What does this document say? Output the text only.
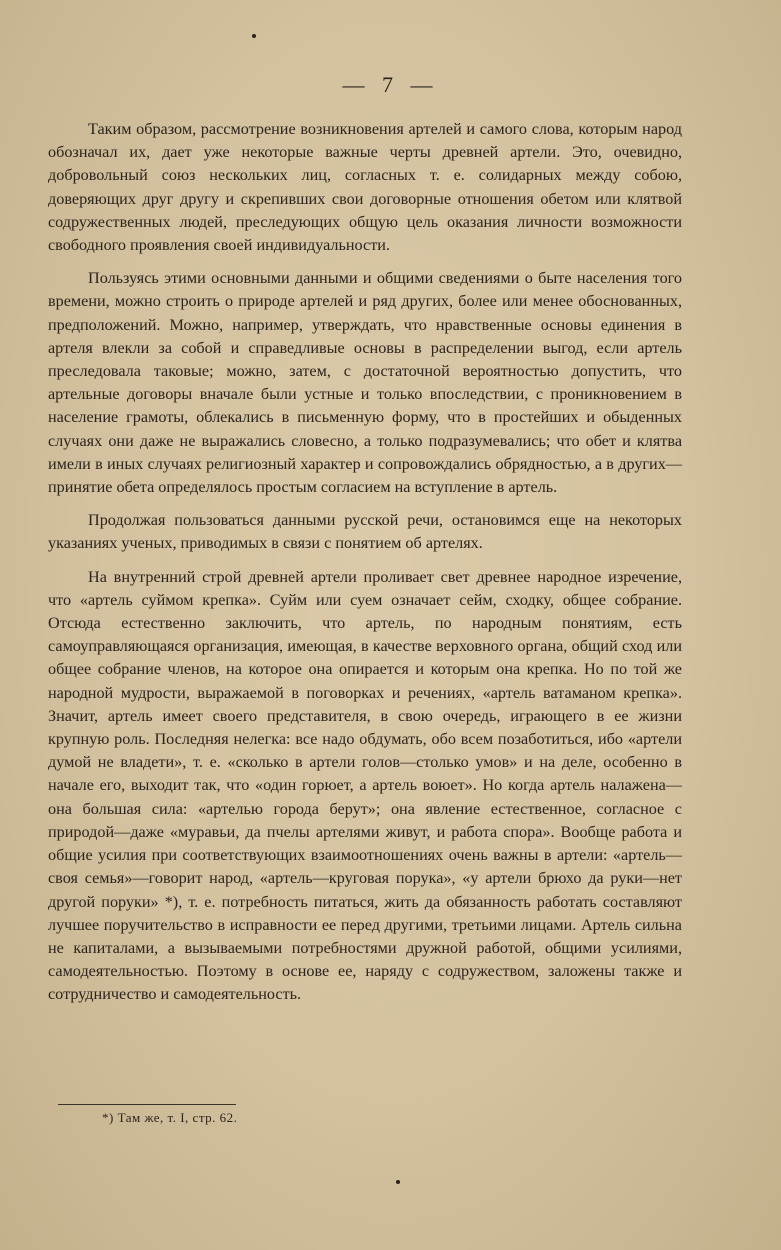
— 7 —

Таким образом, рассмотрение возникновения артелей и самого слова, которым народ обозначал их, дает уже некоторые важные черты древней артели. Это, очевидно, добровольный союз нескольких лиц, согласных т. е. солидарных между собою, доверяющих друг другу и скрепивших свои договорные отношения обетом или клятвой содружественных людей, преследующих общую цель оказания личности возможности свободного проявления своей индивидуальности.

Пользуясь этими основными данными и общими сведениями о быте населения того времени, можно строить о природе артелей и ряд других, более или менее обоснованных, предположений. Можно, например, утверждать, что нравственные основы единения в артеля влекли за собой и справедливые основы в распределении выгод, если артель преследовала таковые; можно, затем, с достаточной вероятностью допустить, что артельные договоры вначале были устные и только впоследствии, с проникновением в население грамоты, облекались в письменную форму, что в простейших и обыденных случаях они даже не выражались словесно, а только подразумевались; что обет и клятва имели в иных случаях религиозный характер и сопровождались обрядностью, а в других—принятие обета определялось простым согласием на вступление в артель.

Продолжая пользоваться данными русской речи, остановимся еще на некоторых указаниях ученых, приводимых в связи с понятием об артелях.

На внутренний строй древней артели проливает свет древнее народное изречение, что «артель суймом крепка». Суйм или суем означает сейм, сходку, общее собрание. Отсюда естественно заключить, что артель, по народным понятиям, есть самоуправляющаяся организация, имеющая, в качестве верховного органа, общий сход или общее собрание членов, на которое она опирается и которым она крепка. Но по той же народной мудрости, выражаемой в поговорках и речениях, «артель ватаманом крепка». Значит, артель имеет своего представителя, в свою очередь, играющего в ее жизни крупную роль. Последняя нелегка: все надо обдумать, обо всем позаботиться, ибо «артели думой не владети», т. е. «сколько в артели голов—столько умов» и на деле, особенно в начале его, выходит так, что «один горюет, а артель воюет». Но когда артель налажена—она большая сила: «артелью города берут»; она явление естественное, согласное с природой—даже «муравьи, да пчелы артелями живут, и работа спора». Вообще работа и общие усилия при соответствующих взаимоотношениях очень важны в артели: «артель—своя семья»—говорит народ, «артель—круговая порука», «у артели брюхо да руки—нет другой поруки» *), т. е. потребность питаться, жить да обязанность работать составляют лучшее поручительство в исправности ее перед другими, третьими лицами. Артель сильна не капиталами, а вызываемыми потребностями дружной работой, общими усилиями, самодеятельностью. Поэтому в основе ее, наряду с содружеством, заложены также и сотрудничество и самодеятельность.

*) Там же, т. I, стр. 62.
